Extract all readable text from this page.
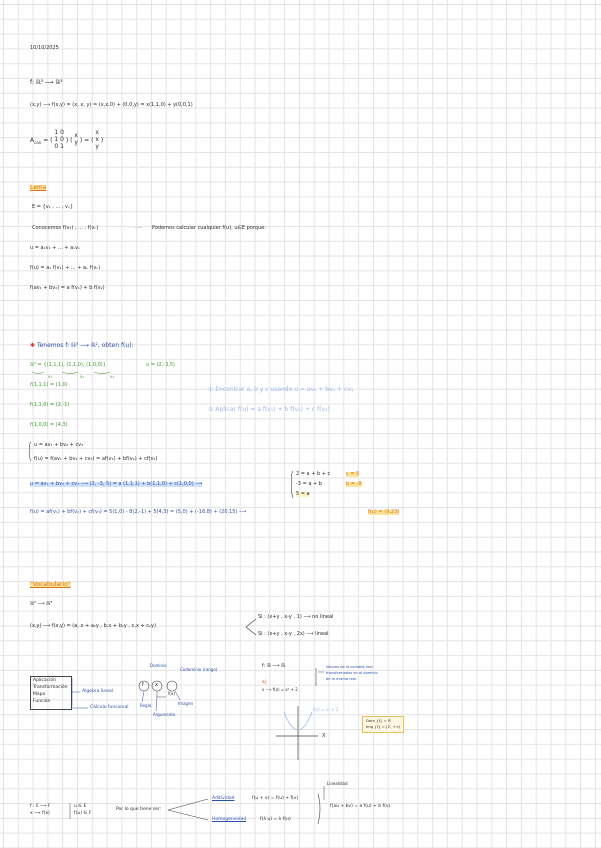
10/10/2025
f: ℝ³ ⟶ ℝ³
(x,y) ⟶ f(x,y) = (x, x, y) = (x,x,0) + (0,0,y) = x(1,1,0) + y(0,0,1)
$A_{can}$ = ( 1 0
1 0
0 1 ) ( x
y ) = ( x
x
y )
Lema
E = {v₁ , ... , vₙ}
Conocemos f(v₁) , ... , f(vₙ)	⟶ Podemos calcular cualquier f(u), u∈E porque:
u = a₁v₁ + ... + aₙvₙ
f(u) = a₁ f(v₁) + ... + aₙ f(vₙ)
f(av₁ + bv₂) = a f(v₁) + b f(v₂)
✱ Tenemos f: ℝ³ ⟶ ℝ², obten f(u):
ℝ³ = {(1,1,1), (1,1,0), (1,0,0)}
v₁	v₂	v₃
u = (2,-3,5)
f(1,1,1) = (1,0)
f(1,1,0) = (2,-1)
f(1,0,0) = (4,3)
① Encontrar a, b y c usando u = av₁ + bv₂ + cv₃
② Aplicar f(u) = a f(v₁) + b f(v₂) + c f(v₃)
u = av₁ + bv₂ + cv₃
f(u) = f(av₁ + bv₂ + cv₃) = af(v₁) + bf(v₂) + cf(v₃)
u = av₁ + bv₂ + cv₃ ⟶ (2, -3, 5) = a (1,1,1) + b(1,1,0) + c(1,0,0) ⟶
2 = a + b + c
-3 = a + b
5 = a
c = 5
b = -8
f(u) = af(v₁) + bf(v₂) + cf(v₃) = 5(1,0) - 8(2,-1) + 5(4,3) = (5,0) + (-16,8) + (20,15) ⟶	f(u) = (9,23)
"Vocabulario"
ℝ² ⟶ ℝ³
(x,y) ⟶ f(x,y) = (a, x + a₁y , b,x + b₁y , c,x + c₁y)
Si : (x+y , x-y , 1) ⟶ no lineal
Si : (x+y , x-y , 2x) ⟶ lineal
Aplicación
Transformación
Mapa
Función
Algebra lineal
Cálculo funcional
Dominio
Codominio (rango)
f x
f(x)
Regla	Imagen
Argumento
f: ℝ ⟶ ℝ
ej:
x ⟶ f(x) = x² + 2
Valores de la variable real
transformados en el dominio
de la misma real
f(x) = x² + 2
X
Dom {f} = ℝ
Img {f} = [2, +∞)
f : E ⟶ F
x ⟶ f(x)
u ∈ E
f(u) ∈ F
Por lo que tiene ser:
Aditividad
Homogeneidad
f(u + v) = f(u) + f(v)
f(λ u) = λ f(u)
Linealidad
f(au + bv) = a f(u) + b f(v)
